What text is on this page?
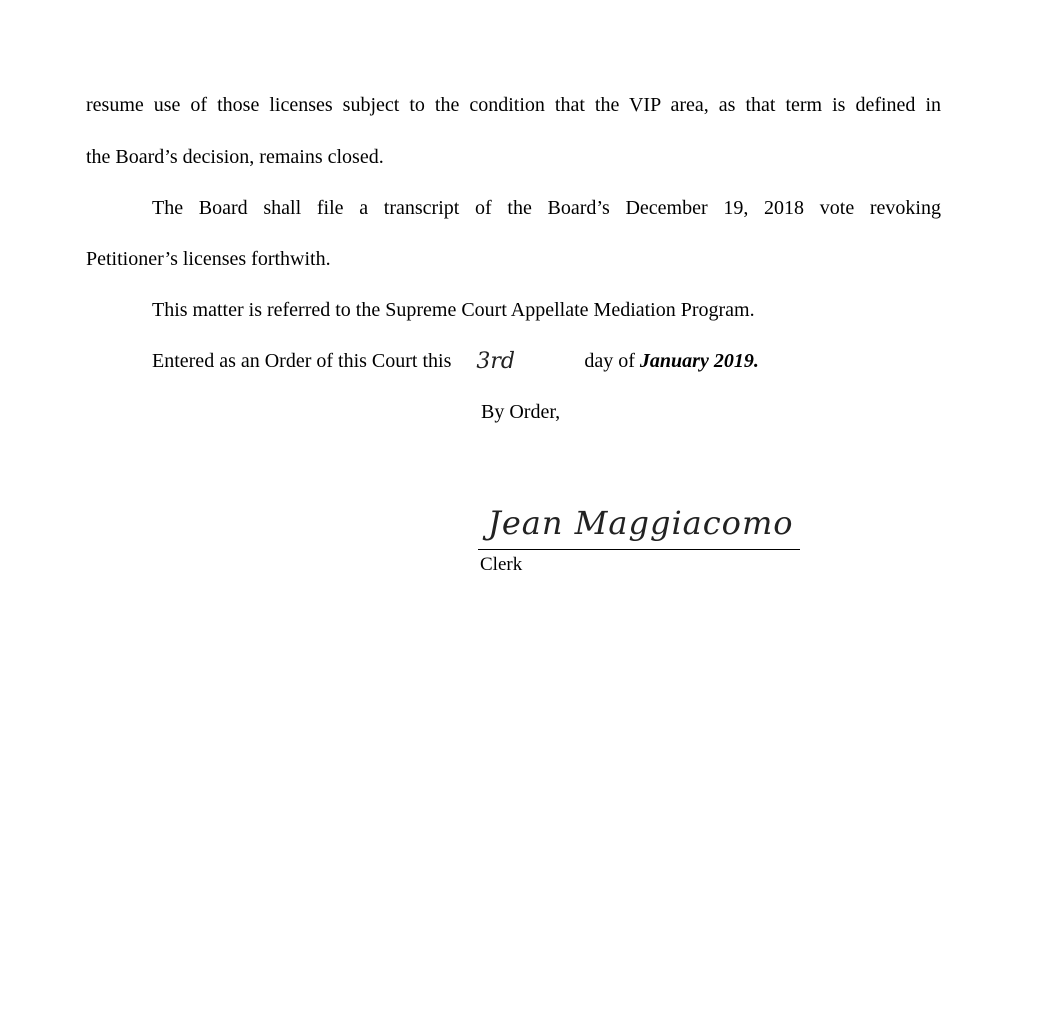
resume use of those licenses subject to the condition that the VIP area, as that term is defined in
the Board’s decision, remains closed.
The Board shall file a transcript of the Board’s December 19, 2018 vote revoking
Petitioner’s licenses forthwith.
This matter is referred to the Supreme Court Appellate Mediation Program.
Entered as an Order of this Court this 3rd	day of January 2019.
By Order,
Jean Maggiacomo
Clerk
